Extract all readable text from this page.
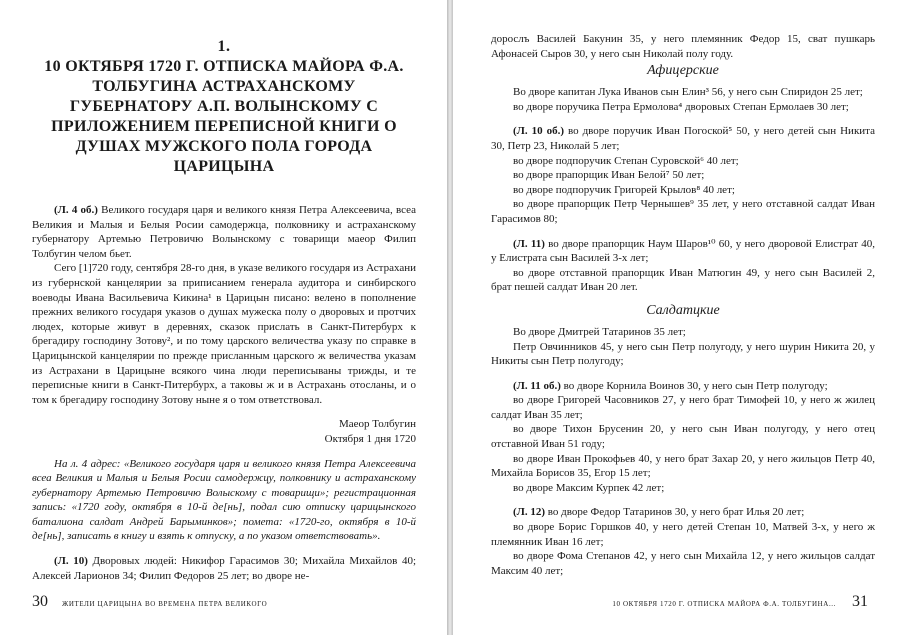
1.
10 ОКТЯБРЯ 1720 Г. ОТПИСКА МАЙОРА Ф.А. ТОЛБУГИНА АСТРАХАНСКОМУ ГУБЕРНАТОРУ А.П. ВОЛЫНСКОМУ С ПРИЛОЖЕНИЕМ ПЕРЕПИСНОЙ КНИГИ О ДУШАХ МУЖСКОГО ПОЛА ГОРОДА ЦАРИЦЫНА

(Л. 4 об.) Великого государя царя и великого князя Петра Алексеевича, всеа Великия и Малыя и Белыя Росии самодержца, полковнику и астраханскому губернатору Артемью Петровичю Волынскому с товарищи маеор Филип Толбугин челом бьет.

Сего [1]720 году, сентября 28-го дня, в указе великого государя из Астрахани из губернской канцелярии за приписанием генерала аудитора и синбирского воеводы Ивана Васильевича Кикина¹ в Царицын писано: велено в пополнение прежних великого государя указов о душах мужеска полу о дворовых и протчих людех, которые живут в деревнях, сказок прислать в Санкт-Питербурх к брегадиру господину Зотову², и по тому царского величества указу по справке в Царицынской канцелярии по прежде присланным царского ж величества указам из Астрахани в Царицыне всякого чина люди переписываны трижды, и те переписные книги в Санкт-Питербурх, а таковы ж и в Астрахань отосланы, и о том к брегадиру господину Зотову ныне я о том ответствовал.

Маеор Толбугин

Октября 1 дня 1720

На л. 4 адрес: «Великого государя царя и великого князя Петра Алексеевича всеа Великия и Малыя и Белыя Росии самодержцу, полковнику и астраханскому губернатору Артемью Петровичю Волыскому с товарищи»; регистрационная запись: «1720 году, октября в 10-й де[нь], подал сию отписку царицынского баталиона салдат Андрей Барыминков»; помета: «1720-го, октября в 10-й де[нь], записать в книгу и взять к отпуску, а по указом ответствовать».

(Л. 10) Дворовых людей: Никифор Гарасимов 30; Михайла Михайлов 40; Алексей Ларионов 34; Филип Федоров 25 лет; во дворе не-

30 ЖИТЕЛИ ЦАРИЦЫНА ВО ВРЕМЕНА ПЕТРА ВЕЛИКОГО

дорослъ Василей Бакунин 35, у него племянник Федор 15, сват пушкарь Афонасей Сыров 30, у него сын Николай полу году.

Афицерские

Во дворе капитан Лука Иванов сын Елин³ 56, у него сын Спиридон 25 лет;

во дворе поручика Петра Ермолова⁴ дворовых Степан Ермолаев 30 лет;

(Л. 10 об.) во дворе поручик Иван Погоской⁵ 50, у него детей сын Никита 30, Петр 23, Николай 5 лет;

во дворе подпоручик Степан Суровской⁶ 40 лет;

во дворе прапорщик Иван Белой⁷ 50 лет;

во дворе подпоручик Григорей Крылов⁸ 40 лет;

во дворе прапорщик Петр Чернышев⁹ 35 лет, у него отставной салдат Иван Гарасимов 80;

(Л. 11) во дворе прапорщик Наум Шаров¹⁰ 60, у него дворовой Елистрат 40, у Елистрата сын Василей 3-х лет;

во дворе отставной прапорщик Иван Матюгин 49, у него сын Василей 2, брат пешей салдат Иван 20 лет.

Салдатцкие

Во дворе Дмитрей Татаринов 35 лет;

Петр Овчинников 45, у него сын Петр полугоду, у него шурин Никита 20, у Никиты сын Петр полугоду;

(Л. 11 об.) во дворе Корнила Воинов 30, у него сын Петр полугоду;

во дворе Григорей Часовников 27, у него брат Тимофей 10, у него ж жилец салдат Иван 35 лет;

во дворе Тихон Брусенин 20, у него сын Иван полугоду, у него отец отставной Иван 51 году;

во дворе Иван Прокофьев 40, у него брат Захар 20, у него жильцов Петр 40, Михайла Борисов 35, Егор 15 лет;

во дворе Максим Курпек 42 лет;

(Л. 12) во дворе Федор Татаринов 30, у него брат Илья 20 лет;

во дворе Борис Горшков 40, у него детей Степан 10, Матвей 3-х, у него ж племянник Иван 16 лет;

во дворе Фома Степанов 42, у него сын Михайла 12, у него жильцов салдат Максим 40 лет;

10 ОКТЯБРЯ 1720 Г. ОТПИСКА МАЙОРА Ф.А. ТОЛБУГИНА... 31
